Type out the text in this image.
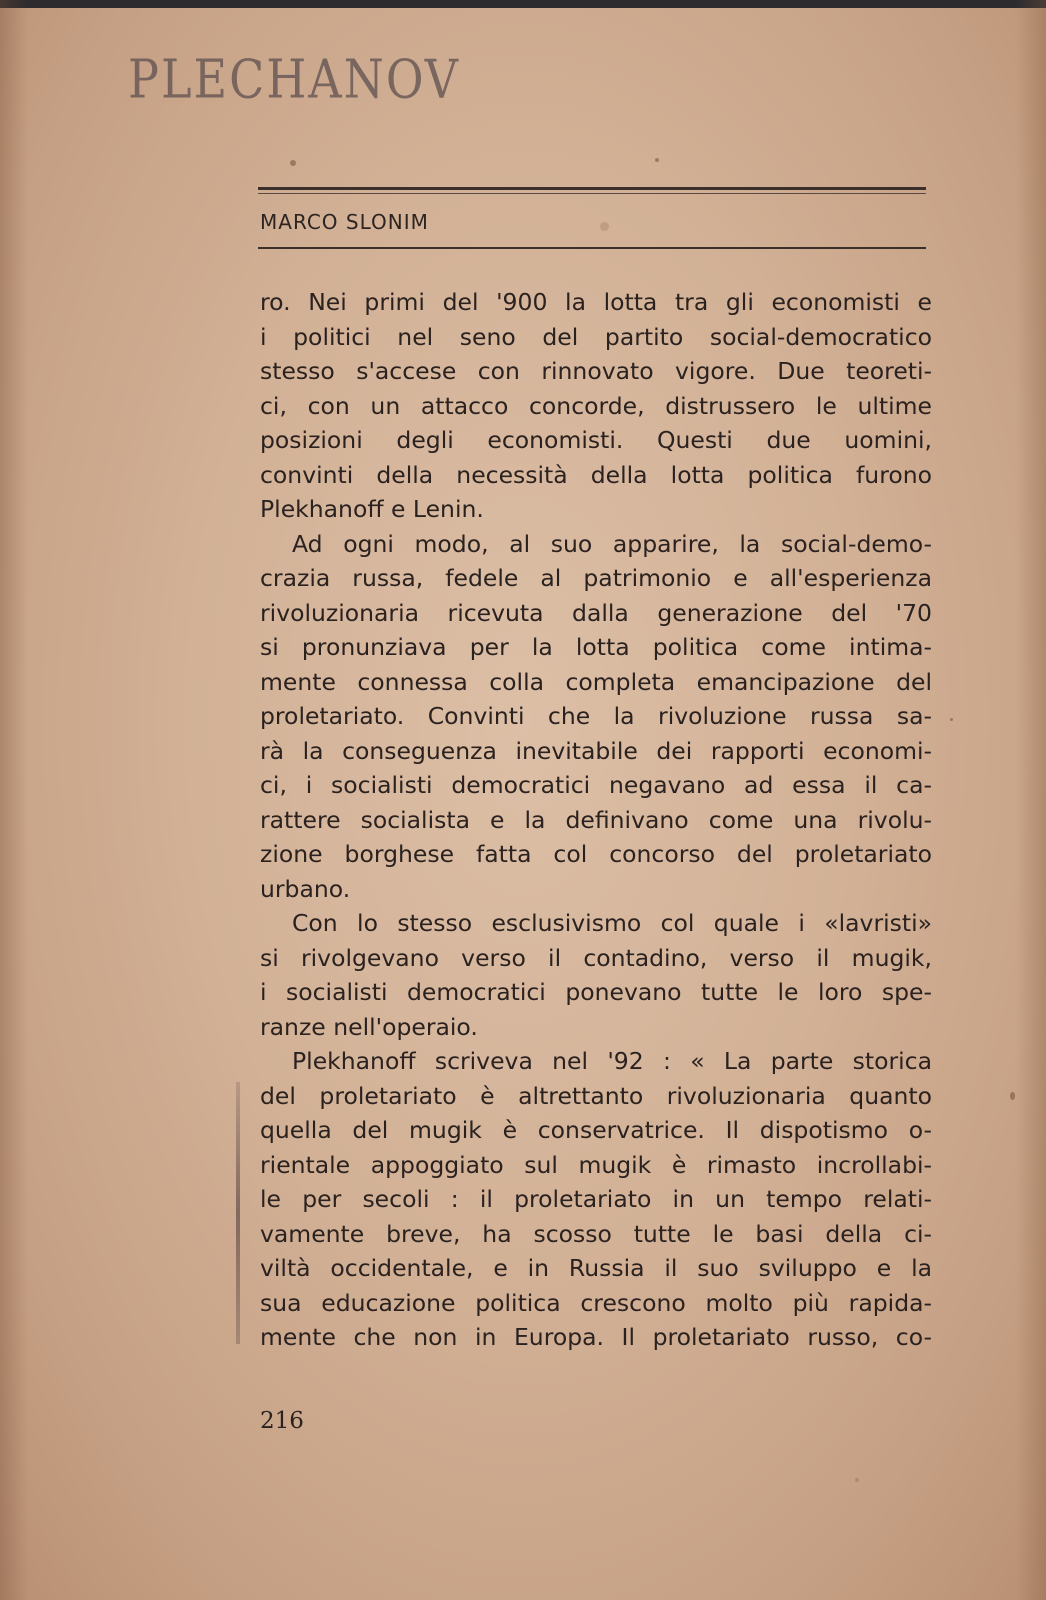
PLECHANOV
MARCO SLONIM
ro. Nei primi del '900 la lotta tra gli economisti e
i politici nel seno del partito social-democratico
stesso s'accese con rinnovato vigore. Due teoreti-
ci, con un attacco concorde, distrussero le ultime
posizioni degli economisti. Questi due uomini,
convinti della necessità della lotta politica furono
Plekhanoff e Lenin.
Ad ogni modo, al suo apparire, la social-demo-
crazia russa, fedele al patrimonio e all'esperienza
rivoluzionaria ricevuta dalla generazione del '70
si pronunziava per la lotta politica come intima-
mente connessa colla completa emancipazione del
proletariato. Convinti che la rivoluzione russa sa-
rà la conseguenza inevitabile dei rapporti economi-
ci, i socialisti democratici negavano ad essa il ca-
rattere socialista e la definivano come una rivolu-
zione borghese fatta col concorso del proletariato
urbano.
Con lo stesso esclusivismo col quale i «lavristi»
si rivolgevano verso il contadino, verso il mugik,
i socialisti democratici ponevano tutte le loro spe-
ranze nell'operaio.
Plekhanoff scriveva nel '92 : « La parte storica
del proletariato è altrettanto rivoluzionaria quanto
quella del mugik è conservatrice. Il dispotismo o-
rientale appoggiato sul mugik è rimasto incrollabi-
le per secoli : il proletariato in un tempo relati-
vamente breve, ha scosso tutte le basi della ci-
viltà occidentale, e in Russia il suo sviluppo e la
sua educazione politica crescono molto più rapida-
mente che non in Europa. Il proletariato russo, co-
216
